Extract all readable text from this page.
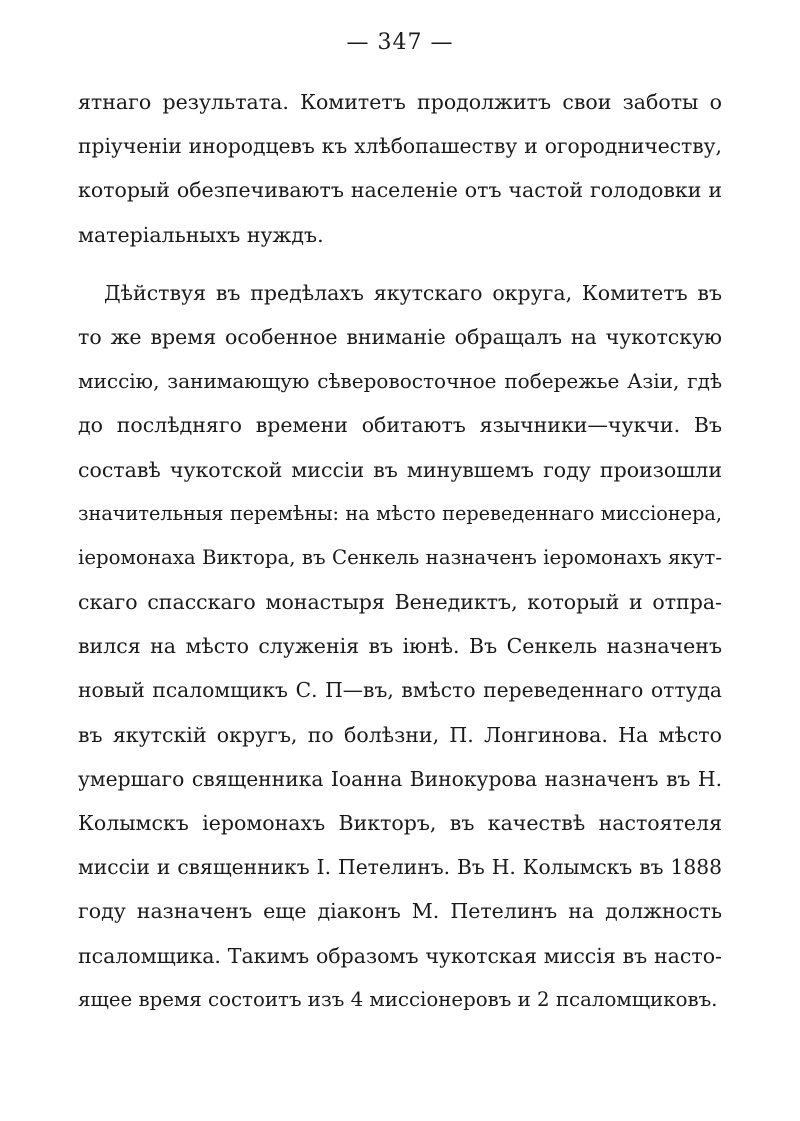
— 347 —
ятнаго результата. Комитетъ продолжитъ свои заботы о
пріученіи инородцевъ къ хлѣбопашеству и огородничеству,
который обезпечиваютъ населеніе отъ частой голодовки и
матеріальныхъ нуждъ.
Дѣйствуя въ предѣлахъ якутскаго округа, Комитетъ въ
то же время особенное вниманіе обращалъ на чукотскую
миссію, занимающую сѣверовосточное побережье Азіи, гдѣ
до послѣдняго времени обитаютъ язычники—чукчи. Въ
составѣ чукотской миссіи въ минувшемъ году произошли
значительныя перемѣны: на мѣсто переведеннаго миссіонера,
іеромонаха Виктора, въ Сенкель назначенъ іеромонахъ якут-
скаго спасскаго монастыря Венедиктъ, который и отпра-
вился на мѣсто служенія въ іюнѣ. Въ Сенкель назначенъ
новый псаломщикъ С. П—въ, вмѣсто переведеннаго оттуда
въ якутскій округъ, по болѣзни, П. Лонгинова. На мѣсто
умершаго священника Іоанна Винокурова назначенъ въ Н.
Колымскъ іеромонахъ Викторъ, въ качествѣ настоятеля
миссіи и священникъ І. Петелинъ. Въ Н. Колымскъ въ 1888
году назначенъ еще діаконъ М. Петелинъ на должность
псаломщика. Такимъ образомъ чукотская миссія въ насто-
ящее время состоитъ изъ 4 миссіонеровъ и 2 псаломщиковъ.
